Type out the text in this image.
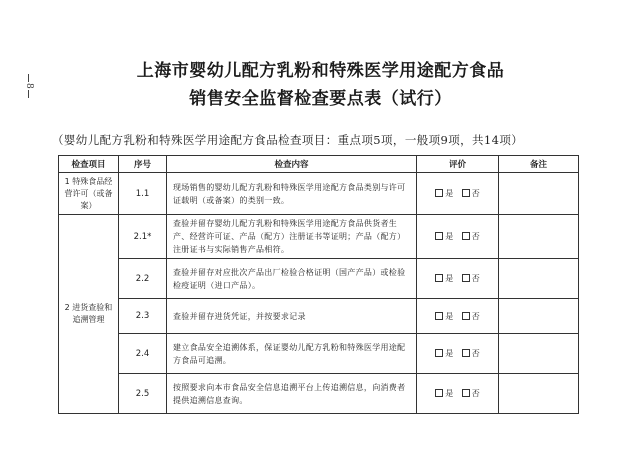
8
上海市婴幼儿配方乳粉和特殊医学用途配方食品
销售安全监督检查要点表（试行）
（婴幼儿配方乳粉和特殊医学用途配方食品检查项目：重点项5项，一般项9项，共14项）
检查项目	序号	检查内容	评价	备注
1 特殊食品经营许可（或备案）	1.1	现场销售的婴幼儿配方乳粉和特殊医学用途配方食品类别与许可证载明（或备案）的类别一致。	是 否	
2 进货查验和追溯管理	2.1*	查验并留存婴幼儿配方乳粉和特殊医学用途配方食品供货者生产、经营许可证、产品（配方）注册证书等证明；产品（配方）注册证书与实际销售产品相符。	是 否	
	2.2	查验并留存对应批次产品出厂检验合格证明（国产产品）或检验检疫证明（进口产品）。	是 否	
	2.3	查验并留存进货凭证，并按要求记录	是 否	
	2.4	建立食品安全追溯体系，保证婴幼儿配方乳粉和特殊医学用途配方食品可追溯。	是 否	
	2.5	按照要求向本市食品安全信息追溯平台上传追溯信息，向消费者提供追溯信息查询。	是 否	
